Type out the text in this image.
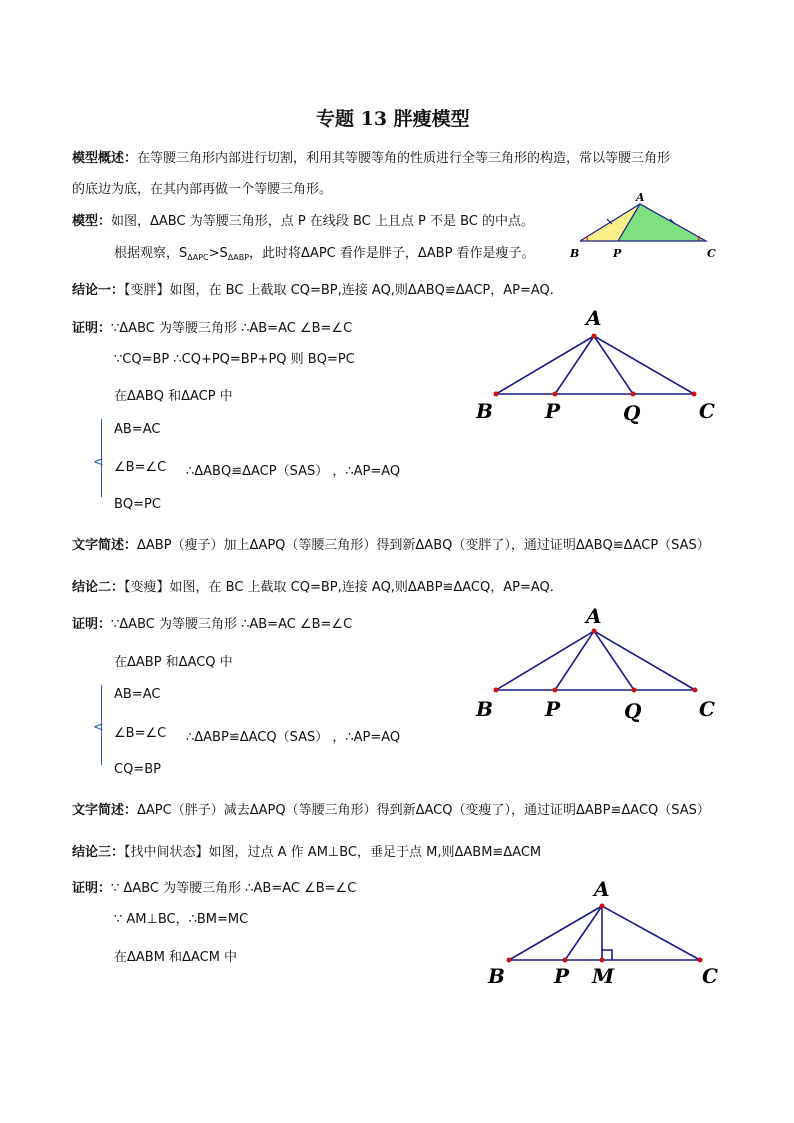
专题 13 胖瘦模型
模型概述：在等腰三角形内部进行切割，利用其等腰等角的性质进行全等三角形的构造，常以等腰三角形
的底边为底，在其内部再做一个等腰三角形。
模型：如图，ΔABC 为等腰三角形，点 P 在线段 BC 上且点 P 不是 BC 的中点。
根据观察，$S_{\Delta APC}>S_{\Delta ABP}$，此时将ΔAPC 看作是胖子，ΔABP 看作是瘦子。
A
B	P	C
结论一：【变胖】如图，在 BC 上截取 CQ=BP,连接 AQ,则ΔABQ≌ΔACP，AP=AQ.
证明：∵ΔABC 为等腰三角形 ∴AB=AC ∠B=∠C
∵CQ=BP ∴CQ+PQ=BP+PQ 则 BQ=PC
在ΔABQ 和ΔACP 中
<
AB=AC
∠B=∠C ∴ΔABQ≌ΔACP（SAS） ，∴AP=AQ
BQ=PC
文字简述：ΔABP（瘦子）加上ΔAPQ（等腰三角形）得到新ΔABQ（变胖了），通过证明ΔABQ≌ΔACP（SAS）
A
B	P	Q	C
结论二：【变瘦】如图，在 BC 上截取 CQ=BP,连接 AQ,则ΔABP≌ΔACQ，AP=AQ.
证明：∵ΔABC 为等腰三角形 ∴AB=AC ∠B=∠C
在ΔABP 和ΔACQ 中
<
AB=AC
∠B=∠C ∴ΔABP≌ΔACQ（SAS） ，∴AP=AQ
CQ=BP
文字简述：ΔAPC（胖子）减去ΔAPQ（等腰三角形）得到新ΔACQ（变瘦了），通过证明ΔABP≌ΔACQ（SAS）
A
B	P	Q	C
结论三：【找中间状态】如图，过点 A 作 AM⊥BC，垂足于点 M,则ΔABM≌ΔACM
证明：∵ ΔABC 为等腰三角形 ∴AB=AC ∠B=∠C
∵ AM⊥BC，∴BM=MC
在ΔABM 和ΔACM 中
A
B P M	C
